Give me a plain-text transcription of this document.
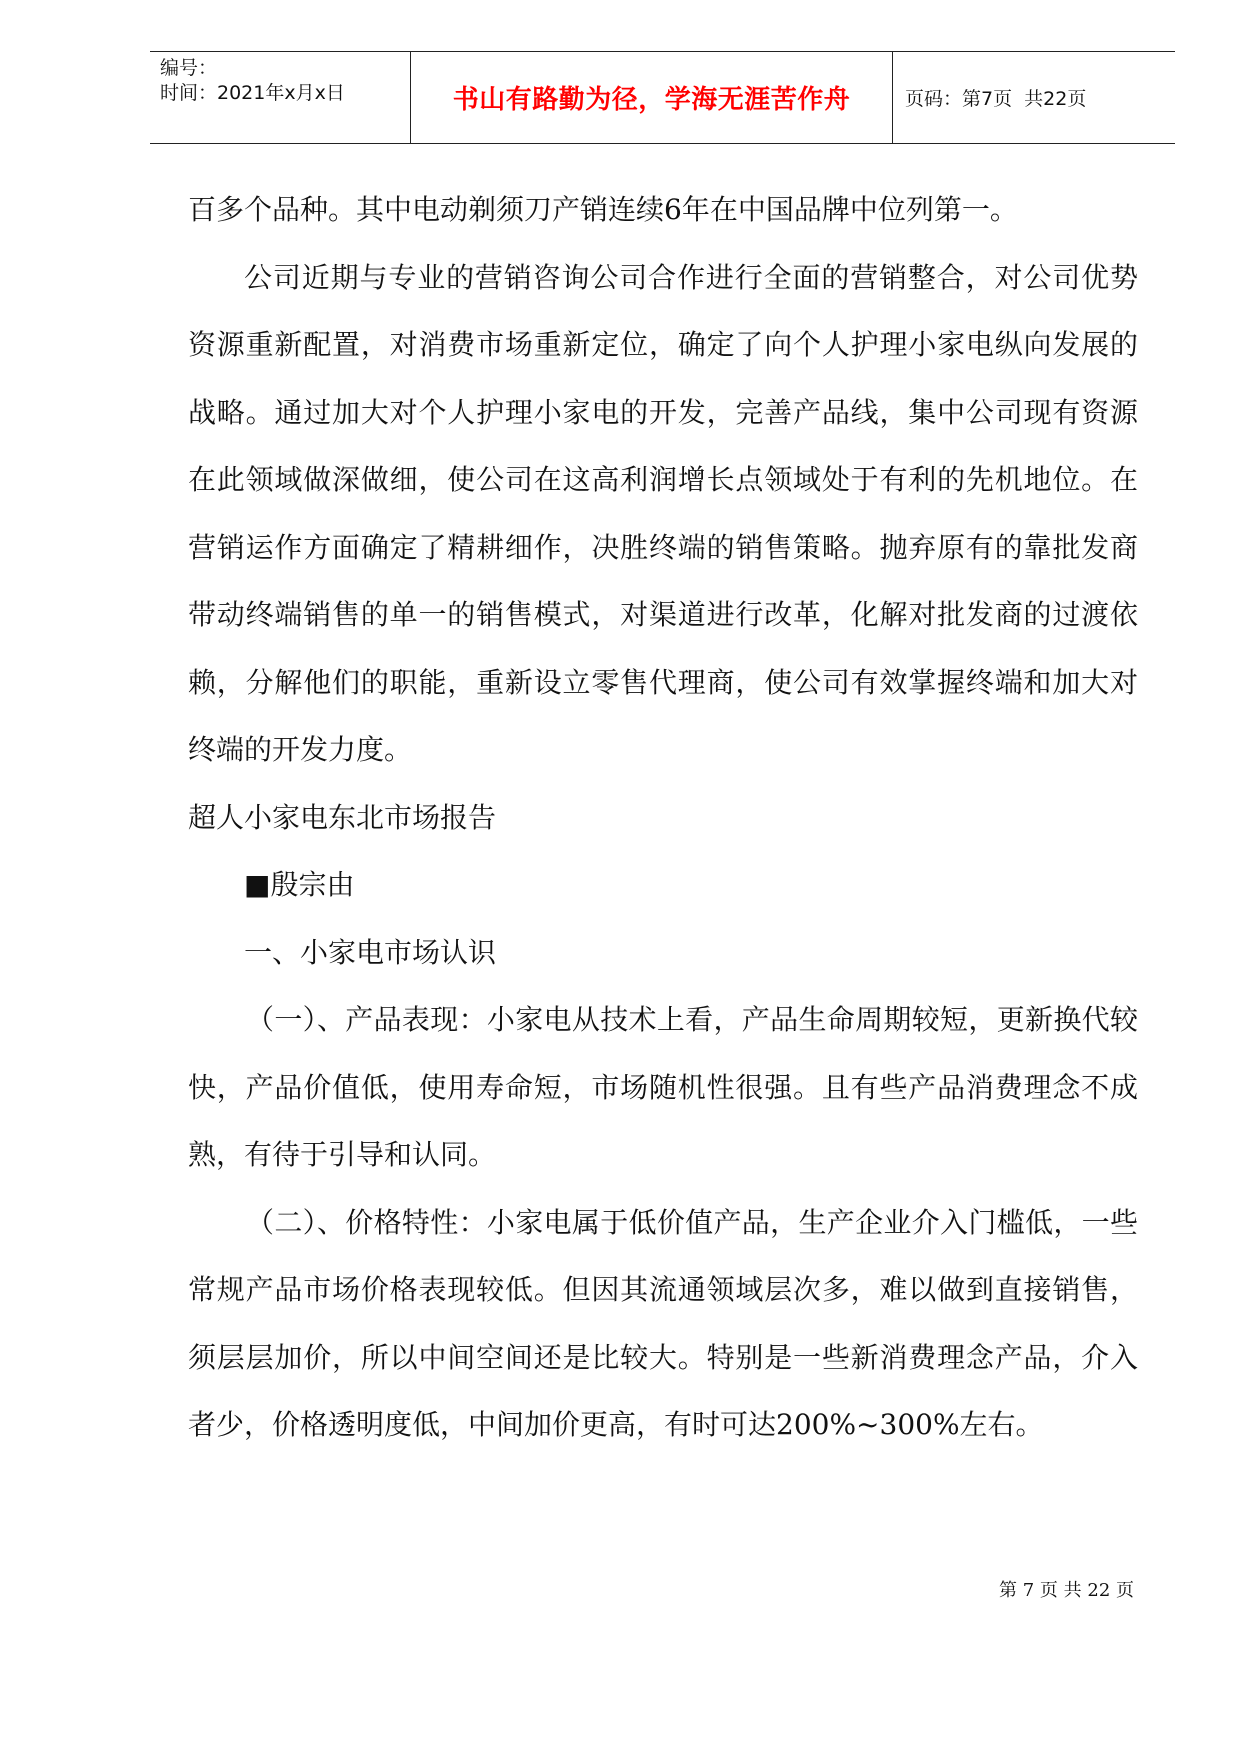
编号：
时间：2021年x月x日	书山有路勤为径，学海无涯苦作舟	页码：第7页  共22页

百多个品种。其中电动剃须刀产销连续6年在中国品牌中位列第一。

公司近期与专业的营销咨询公司合作进行全面的营销整合，对公司优势资源重新配置，对消费市场重新定位，确定了向个人护理小家电纵向发展的战略。通过加大对个人护理小家电的开发，完善产品线，集中公司现有资源在此领域做深做细，使公司在这高利润增长点领域处于有利的先机地位。在营销运作方面确定了精耕细作，决胜终端的销售策略。抛弃原有的靠批发商带动终端销售的单一的销售模式，对渠道进行改革，化解对批发商的过渡依赖，分解他们的职能，重新设立零售代理商，使公司有效掌握终端和加大对终端的开发力度。

超人小家电东北市场报告

■殷宗由

一、小家电市场认识

（一）、产品表现：小家电从技术上看，产品生命周期较短，更新换代较快，产品价值低，使用寿命短，市场随机性很强。且有些产品消费理念不成熟，有待于引导和认同。

（二）、价格特性：小家电属于低价值产品，生产企业介入门槛低，一些常规产品市场价格表现较低。但因其流通领域层次多，难以做到直接销售，须层层加价，所以中间空间还是比较大。特别是一些新消费理念产品，介入者少，价格透明度低，中间加价更高，有时可达200%~300%左右。

第 7 页 共 22 页
